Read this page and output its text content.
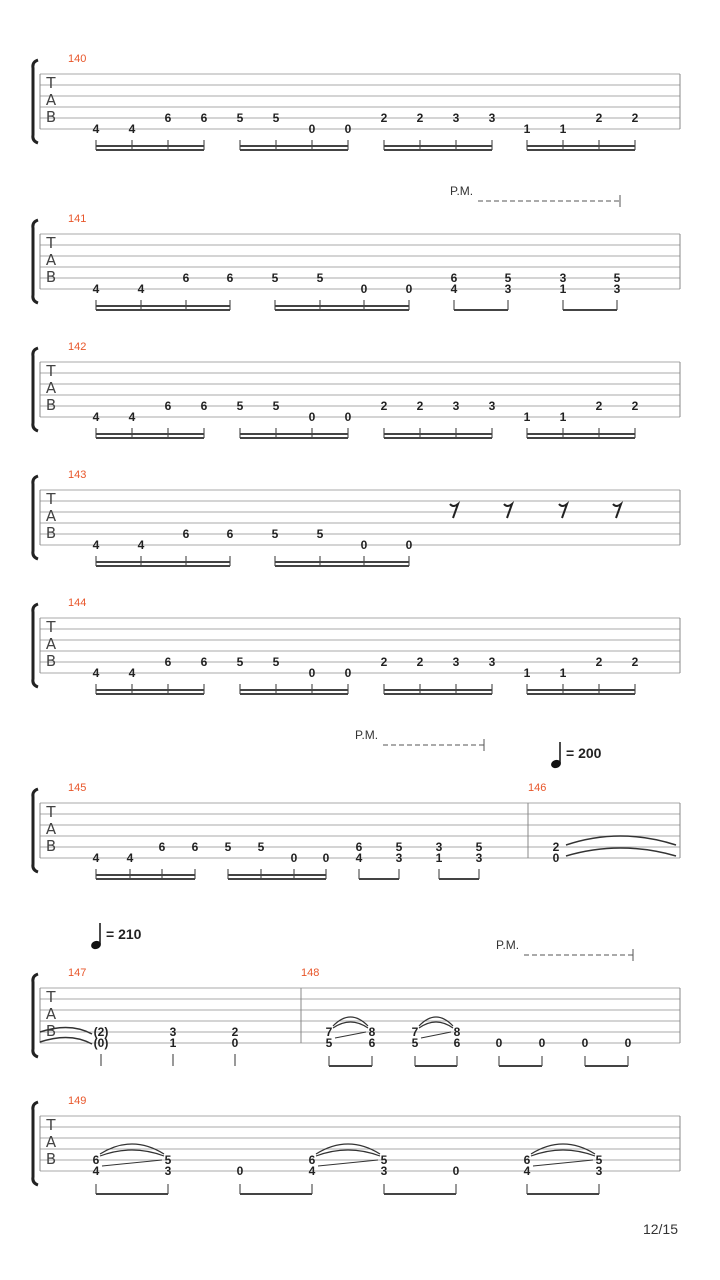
T
A
B
140
4 4
6 6 5 5
0 0
2 2 3 3
1 1
2 2
P.M.
T
A
B
141
4	4
6	6	5	5
0	0
6
4
5
3
3
1
5
3
T
A
B
142
4 4
6 6 5 5
0 0
2 2 3 3
1 1
2 2
T
A
B
143
4	4
6	6	5	5
0	0
T
A
B
144
4 4
6 6 5 5
0 0
2 2 3 3
1 1
2 2
P.M.
= 200
T
A
B
145
4 4
6 6 5 5
0 0
6
4
5
3
3
1
5
3
146
2
0
= 210
P.M.
T
A
B
147
(2)
(0)
3
1
2
0
148
7
5
8
6
7
5
8
6	0	0	0	0
T
A
B
149
6
4
5
3	0
6
4
5
3	0
6
4
5
3
12/15
